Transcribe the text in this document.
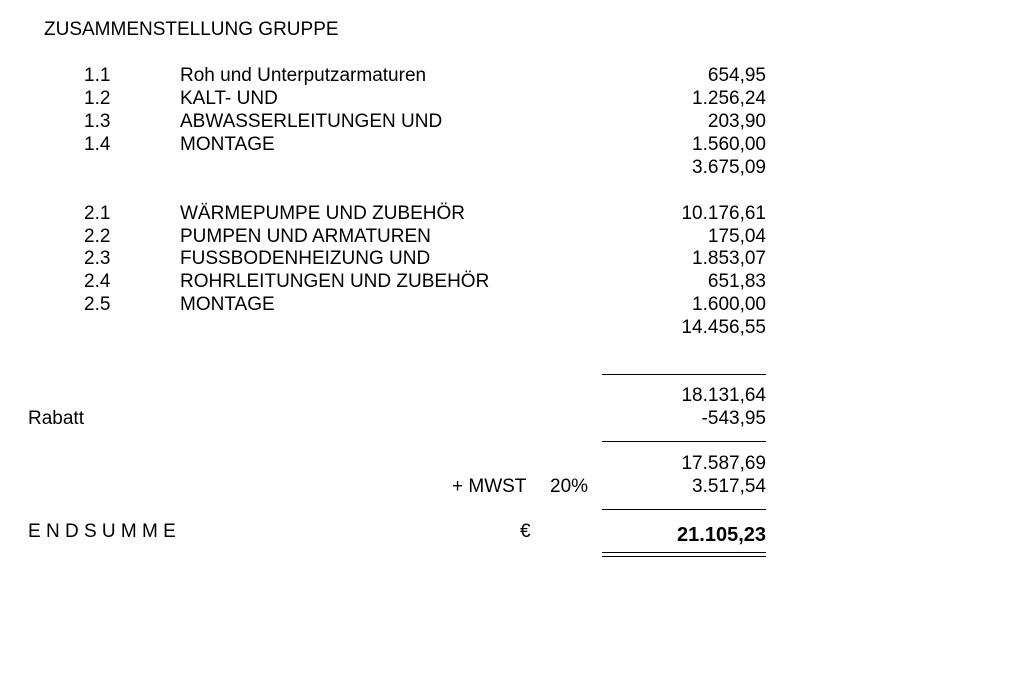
ZUSAMMENSTELLUNG GRUPPE
1.1	Roh und Unterputzarmaturen	654,95
1.2	KALT- UND	1.256,24
1.3	ABWASSERLEITUNGEN UND	203,90
1.4	MONTAGE	1.560,00
3.675,09
2.1	WÄRMEPUMPE UND ZUBEHÖR	10.176,61
2.2	PUMPEN UND ARMATUREN	175,04
2.3	FUSSBODENHEIZUNG UND	1.853,07
2.4	ROHRLEITUNGEN UND ZUBEHÖR	651,83
2.5	MONTAGE	1.600,00
14.456,55
18.131,64
Rabatt	-543,95
17.587,69
+ MWST 20%	3.517,54
E N D S U M M E	€	21.105,23
